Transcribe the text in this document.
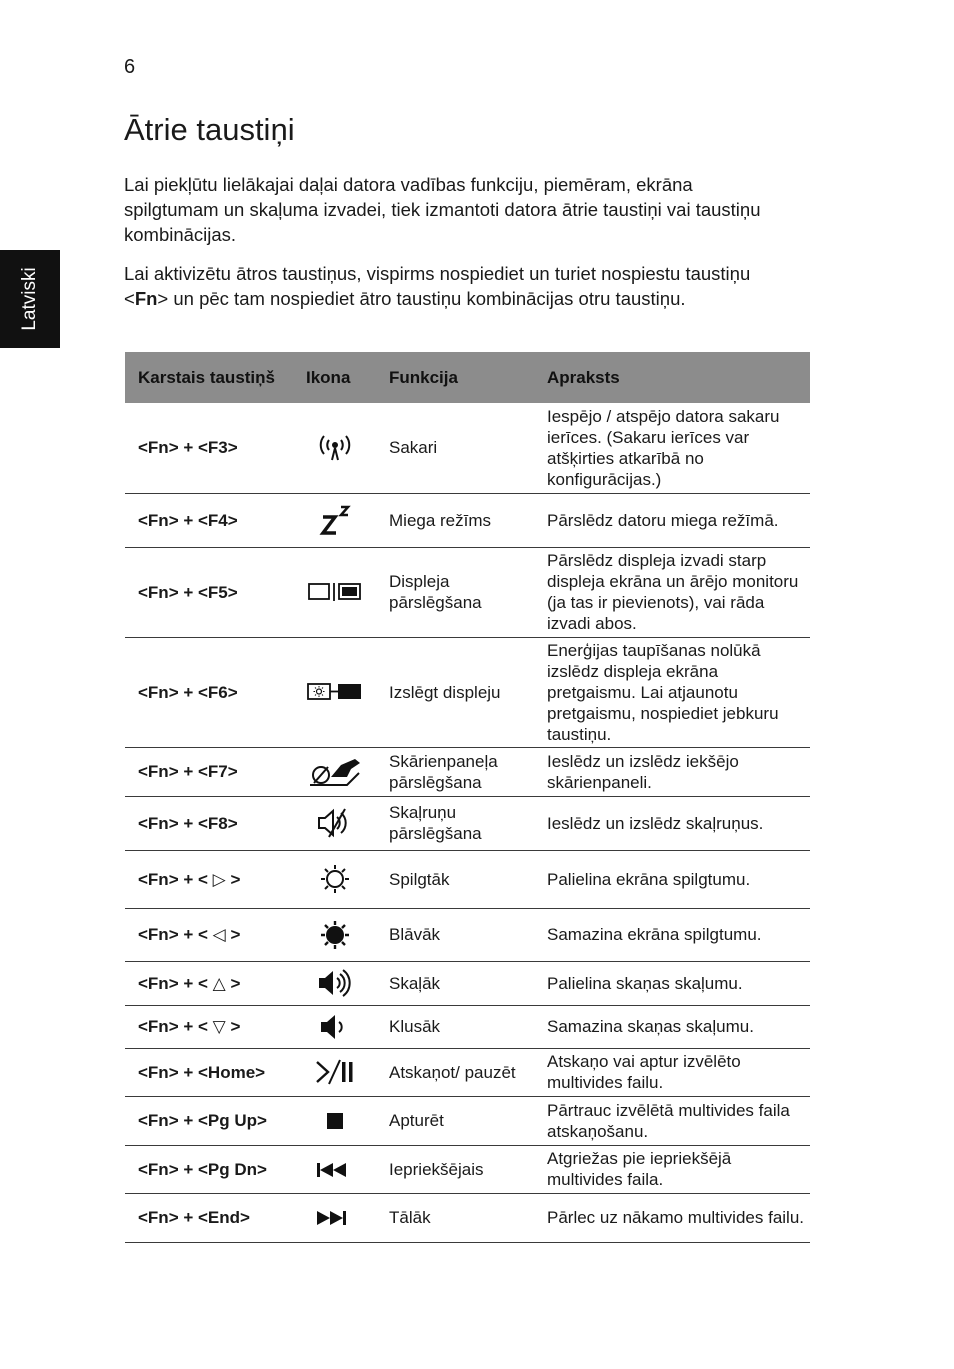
6
Latviski
Ātrie taustiņi

Lai piekļūtu lielākajai daļai datora vadības funkciju, piemēram, ekrāna spilgtumam un skaļuma izvadei, tiek izmantoti datora ātrie taustiņi vai taustiņu kombinācijas.

Lai aktivizētu ātros taustiņus, vispirms nospiediet un turiet nospiestu taustiņu <Fn> un pēc tam nospiediet ātro taustiņu kombinācijas otru taustiņu.

Karstais taustiņš	Ikona	Funkcija	Apraksts
<Fn> + <F3>		Sakari	Iespējo / atspējo datora sakaru ierīces. (Sakaru ierīces var atšķirties atkarībā no konfigurācijas.)
<Fn> + <F4>		Miega režīms	Pārslēdz datoru miega režīmā.
<Fn> + <F5>		Displeja pārslēgšana	Pārslēdz displeja izvadi starp displeja ekrāna un ārējo monitoru (ja tas ir pievienots), vai rāda izvadi abos.
<Fn> + <F6>		Izslēgt displeju	Enerģijas taupīšanas nolūkā izslēdz displeja ekrāna pretgaismu. Lai atjaunotu pretgaismu, nospiediet jebkuru taustiņu.
<Fn> + <F7>		Skārienpaneļa pārslēgšana	Ieslēdz un izslēdz iekšējo skārienpaneli.
<Fn> + <F8>		Skaļruņu pārslēgšana	Ieslēdz un izslēdz skaļruņus.
<Fn> + < ▷ >		Spilgtāk	Palielina ekrāna spilgtumu.
<Fn> + < ◁ >		Blāvāk	Samazina ekrāna spilgtumu.
<Fn> + < △ >		Skaļāk	Palielina skaņas skaļumu.
<Fn> + < ▽ >		Klusāk	Samazina skaņas skaļumu.
<Fn> + <Home>		Atskaņot/ pauzēt	Atskaņo vai aptur izvēlēto multivides failu.
<Fn> + <Pg Up>		Apturēt	Pārtrauc izvēlētā multivides faila atskaņošanu.
<Fn> + <Pg Dn>		Iepriekšējais	Atgriežas pie iepriekšējā multivides faila.
<Fn> + <End>		Tālāk	Pārlec uz nākamo multivides failu.
